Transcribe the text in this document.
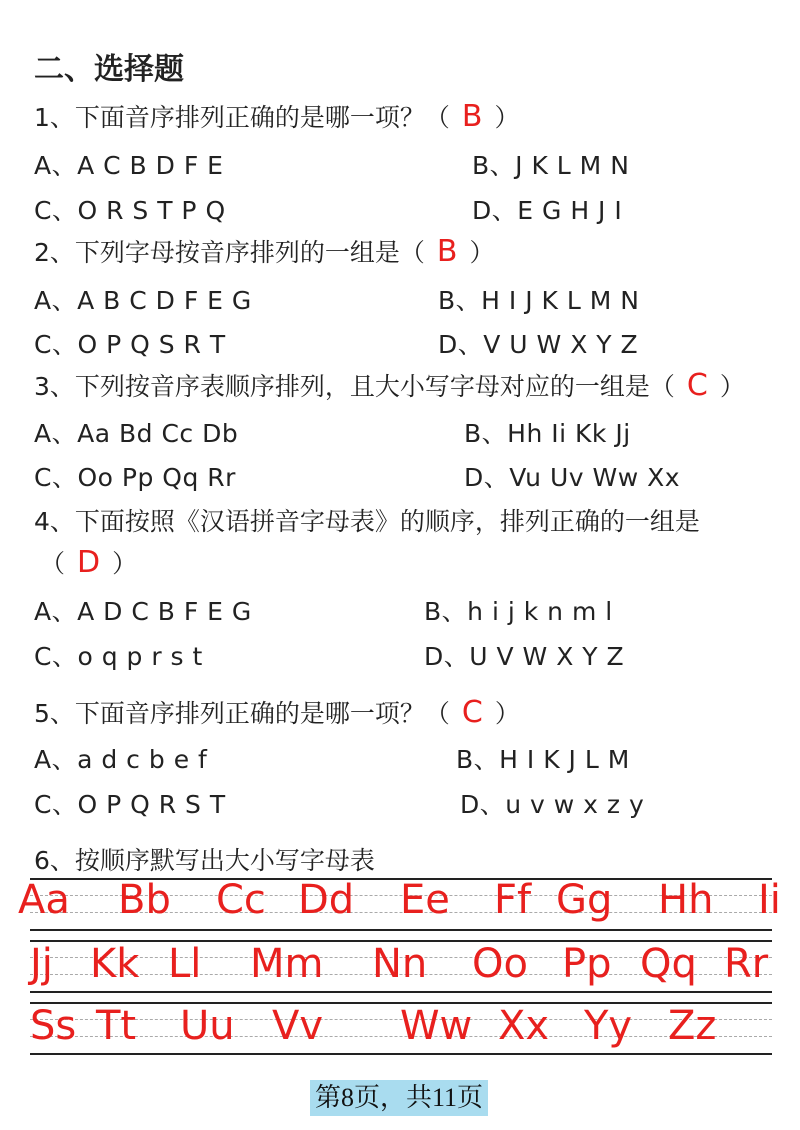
二、选择题
1、下面音序排列正确的是哪一项？（ B ）
A、A C B D F E	B、J K L M N
C、O R S T P Q	D、E G H J I
2、下列字母按音序排列的一组是（ B ）
A、A B C D F E G	B、H I J K L M N
C、O P Q S R T	D、V U W X Y Z
3、下列按音序表顺序排列，且大小写字母对应的一组是（ C ）
A、Aa Bd Cc Db	B、Hh Ii Kk Jj
C、Oo Pp Qq Rr	D、Vu Uv Ww Xx
4、下面按照《汉语拼音字母表》的顺序，排列正确的一组是
（ D ）
A、A D C B F E G	B、h i j k n m l
C、o q p r s t	D、U V W X Y Z
5、下面音序排列正确的是哪一项？（ C ）
A、a d c b e f	B、H I K J L M
C、O P Q R S T	D、u v w x z y
6、按顺序默写出大小写字母表
Aa Bb Cc Dd Ee Ff Gg Hh Ii
Jj Kk Ll Mm Nn Oo Pp Qq Rr
Ss Tt Uu Vv Ww Xx Yy Zz
第8页，共11页
